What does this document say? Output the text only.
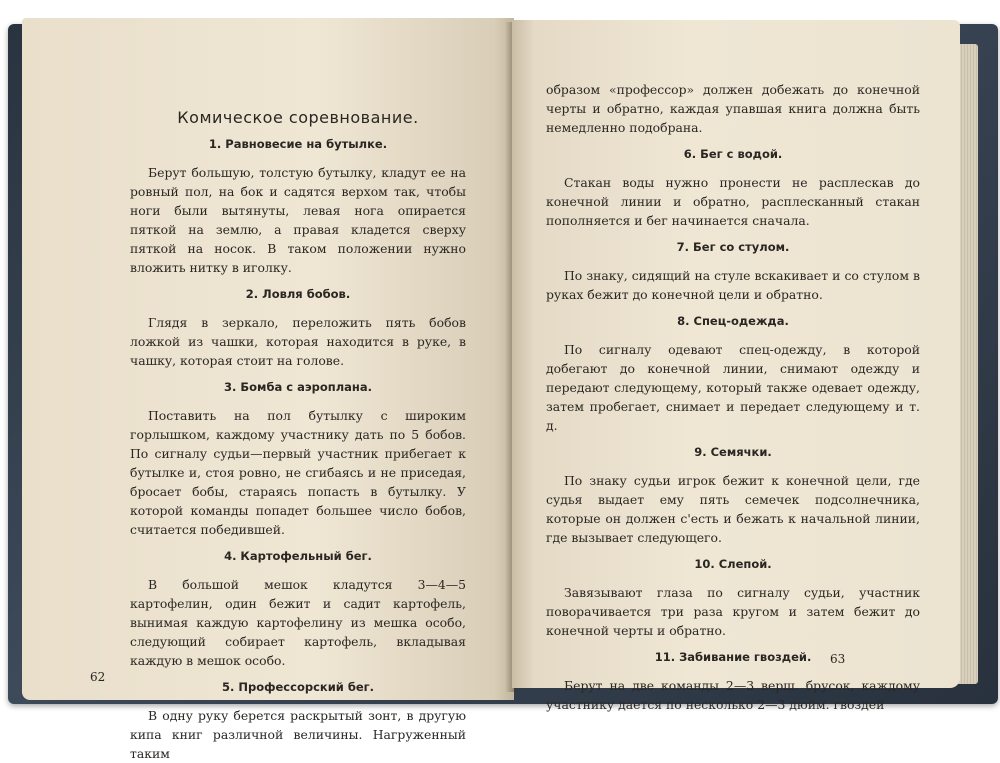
Комическое соревнование.
1. Равновесие на бутылке.

Берут большую, толстую бутылку, кладут ее на ровный пол, на бок и садятся верхом так, чтобы ноги были вытянуты, левая нога опирается пяткой на землю, а правая кладется сверху пяткой на носок. В таком положении нужно вложить нитку в иголку.

2. Ловля бобов.

Глядя в зеркало, переложить пять бобов ложкой из чашки, которая находится в руке, в чашку, которая стоит на голове.

3. Бомба с аэроплана.

Поставить на пол бутылку с широким горлышком, каждому участнику дать по 5 бобов. По сигналу судьи—первый участник прибегает к бутылке и, стоя ровно, не сгибаясь и не приседая, бросает бобы, стараясь попасть в бутылку. У которой команды попадет большее число бобов, считается победившей.

4. Картофельный бег.

В большой мешок кладутся 3—4—5 картофелин, один бежит и садит картофель, вынимая каждую картофелину из мешка особо, следующий собирает картофель, вкладывая каждую в мешок особо.

5. Профессорский бег.

В одну руку берется раскрытый зонт, в другую кипа книг различной величины. Нагруженный таким

62

образом «профессор» должен добежать до конечной черты и обратно, каждая упавшая книга должна быть немедленно подобрана.

6. Бег с водой.

Стакан воды нужно пронести не расплескав до конечной линии и обратно, расплесканный стакан пополняется и бег начинается сначала.

7. Бег со стулом.

По знаку, сидящий на стуле вскакивает и со стулом в руках бежит до конечной цели и обратно.

8. Спец-одежда.

По сигналу одевают спец-одежду, в которой добегают до конечной линии, снимают одежду и передают следующему, который также одевает одежду, затем пробегает, снимает и передает следующему и т. д.

9. Семячки.

По знаку судьи игрок бежит к конечной цели, где судья выдает ему пять семечек подсолнечника, которые он должен с'есть и бежать к начальной линии, где вызывает следующего.

10. Слепой.

Завязывают глаза по сигналу судьи, участник поворачивается три раза кругом и затем бежит до конечной черты и обратно.

11. Забивание гвоздей.

Берут на две команды 2—3 верш. брусок, каждому участнику дается по несколько 2—3 дюйм. гвоздей

63
